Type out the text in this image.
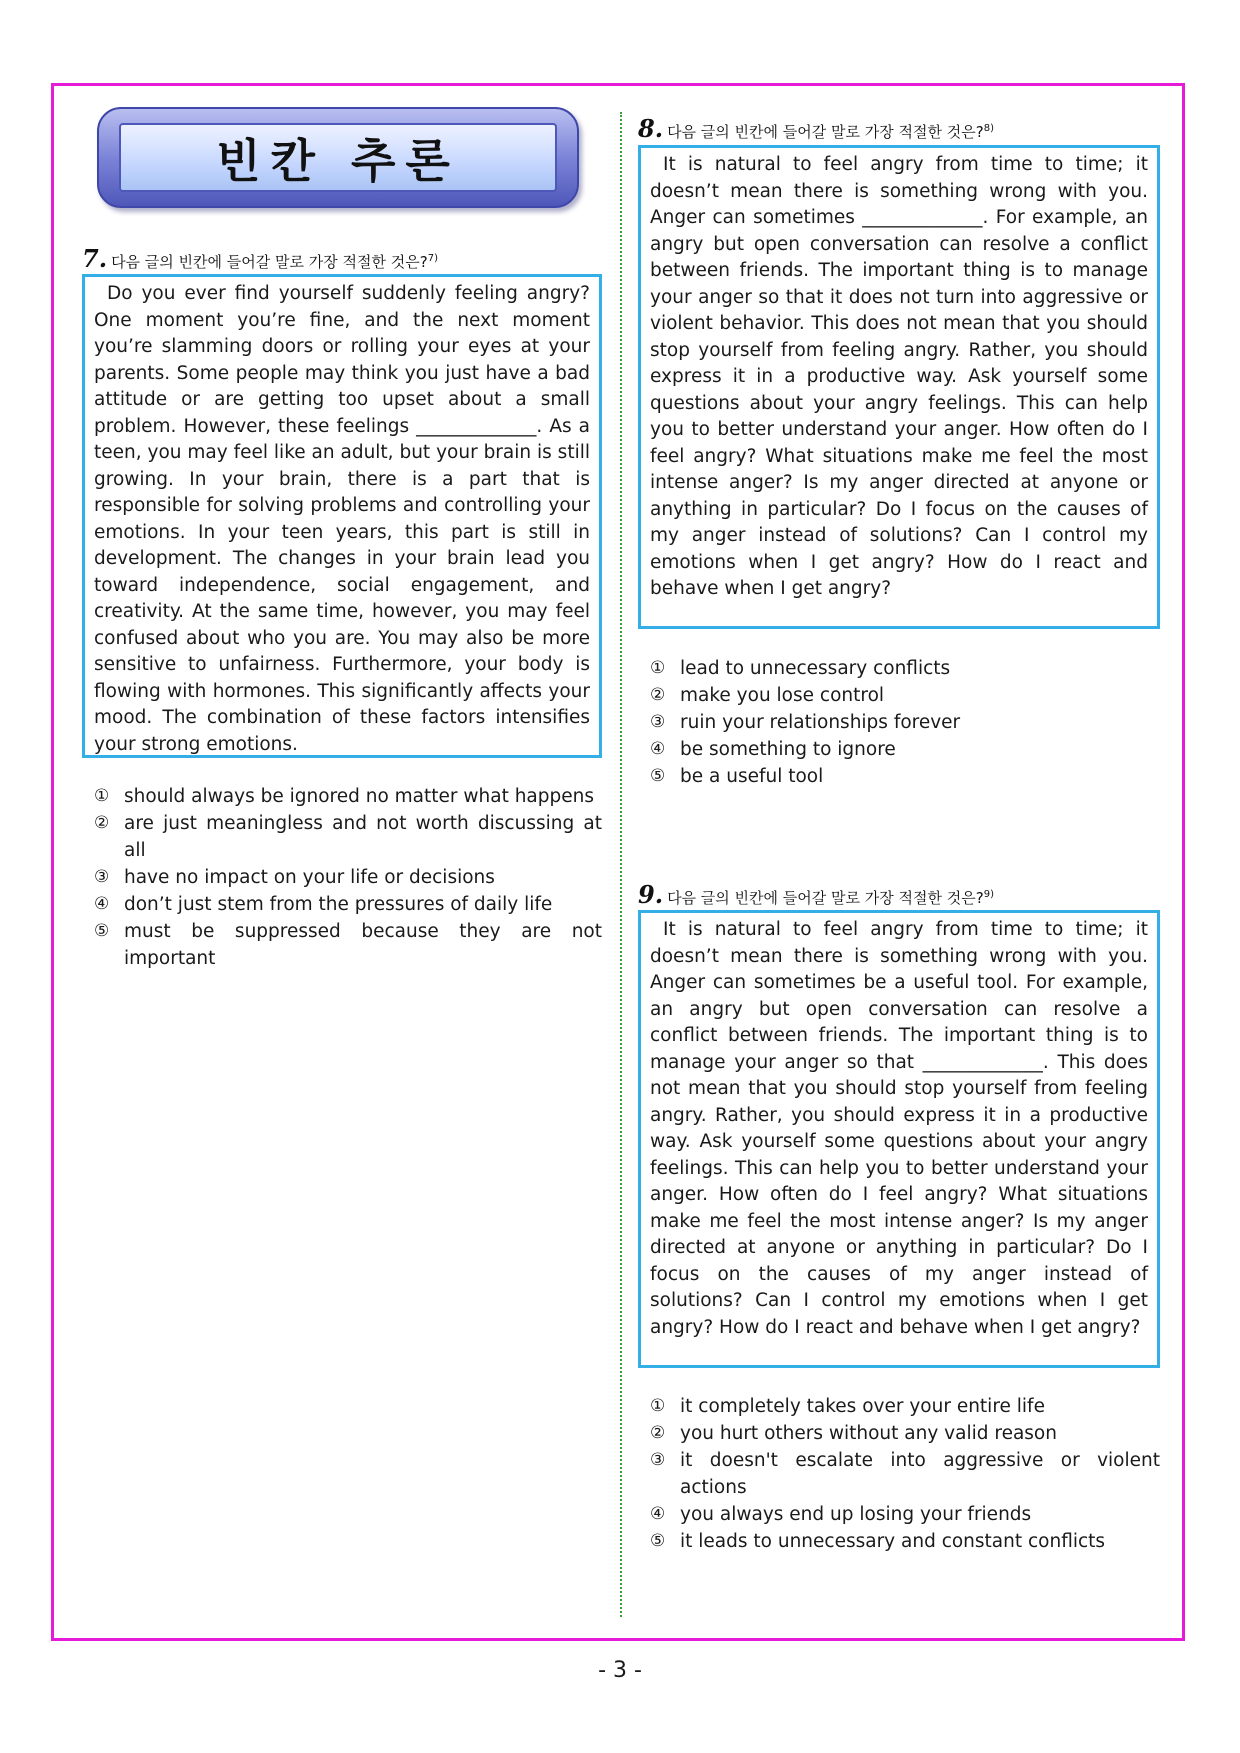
빈칸 추론
7. 다음 글의 빈칸에 들어갈 말로 가장 적절한 것은?$^{7)}$
Do you ever find yourself suddenly feeling angry? One moment you’re fine, and the next moment you’re slamming doors or rolling your eyes at your parents. Some people may think you just have a bad attitude or are getting too upset about a small problem. However, these feelings _____________. As a teen, you may feel like an adult, but your brain is still growing. In your brain, there is a part that is responsible for solving problems and controlling your emotions. In your teen years, this part is still in development. The changes in your brain lead you toward independence, social engagement, and creativity. At the same time, however, you may feel confused about who you are. You may also be more sensitive to unfairness. Furthermore, your body is flowing with hormones. This significantly affects your mood. The combination of these factors intensifies your strong emotions.
① should always be ignored no matter what happens
② are just meaningless and not worth discussing at all
③ have no impact on your life or decisions
④ don’t just stem from the pressures of daily life
⑤ must be suppressed because they are not important
8. 다음 글의 빈칸에 들어갈 말로 가장 적절한 것은?$^{8)}$
It is natural to feel angry from time to time; it doesn’t mean there is something wrong with you. Anger can sometimes _____________. For example, an angry but open conversation can resolve a conflict between friends. The important thing is to manage your anger so that it does not turn into aggressive or violent behavior. This does not mean that you should stop yourself from feeling angry. Rather, you should express it in a productive way. Ask yourself some questions about your angry feelings. This can help you to better understand your anger. How often do I feel angry? What situations make me feel the most intense anger? Is my anger directed at anyone or anything in particular? Do I focus on the causes of my anger instead of solutions? Can I control my emotions when I get angry? How do I react and behave when I get angry?
① lead to unnecessary conflicts
② make you lose control
③ ruin your relationships forever
④ be something to ignore
⑤ be a useful tool
9. 다음 글의 빈칸에 들어갈 말로 가장 적절한 것은?$^{9)}$
It is natural to feel angry from time to time; it doesn’t mean there is something wrong with you. Anger can sometimes be a useful tool. For example, an angry but open conversation can resolve a conflict between friends. The important thing is to manage your anger so that _____________. This does not mean that you should stop yourself from feeling angry. Rather, you should express it in a productive way. Ask yourself some questions about your angry feelings. This can help you to better understand your anger. How often do I feel angry? What situations make me feel the most intense anger? Is my anger directed at anyone or anything in particular? Do I focus on the causes of my anger instead of solutions? Can I control my emotions when I get angry? How do I react and behave when I get angry?
① it completely takes over your entire life
② you hurt others without any valid reason
③ it doesn't escalate into aggressive or violent actions
④ you always end up losing your friends
⑤ it leads to unnecessary and constant conflicts
- 3 -
